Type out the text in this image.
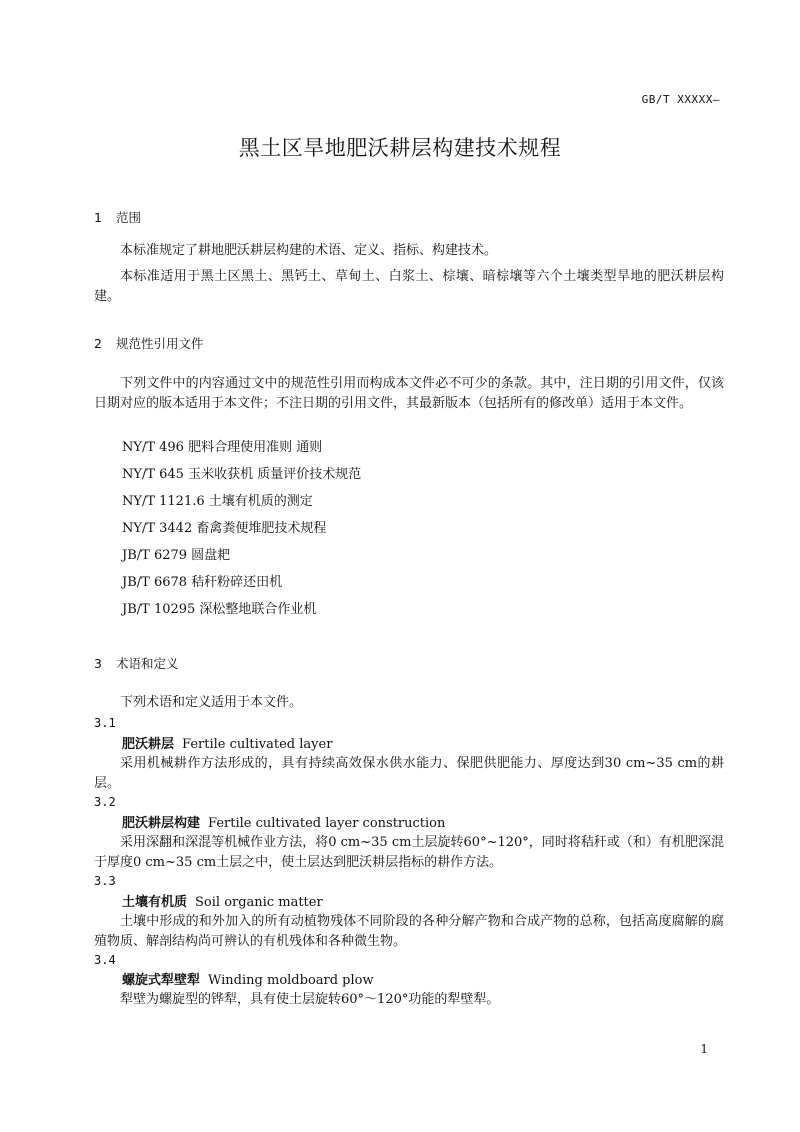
GB/T XXXXX—
黑土区旱地肥沃耕层构建技术规程
1 范围
本标准规定了耕地肥沃耕层构建的术语、定义、指标、构建技术。
本标准适用于黑土区黑土、黑钙土、草甸土、白浆土、棕壤、暗棕壤等六个土壤类型旱地的肥沃耕层构建。
2 规范性引用文件
下列文件中的内容通过文中的规范性引用而构成本文件必不可少的条款。其中，注日期的引用文件，仅该日期对应的版本适用于本文件；不注日期的引用文件，其最新版本（包括所有的修改单）适用于本文件。
NY/T 496 肥料合理使用准则 通则
NY/T 645 玉米收获机 质量评价技术规范
NY/T 1121.6 土壤有机质的测定
NY/T 3442 畜禽粪便堆肥技术规程
JB/T 6279 圆盘耙
JB/T 6678 秸秆粉碎还田机
JB/T 10295 深松整地联合作业机
3 术语和定义
下列术语和定义适用于本文件。
3.1
肥沃耕层 Fertile cultivated layer
采用机械耕作方法形成的，具有持续高效保水供水能力、保肥供肥能力、厚度达到30 cm~35 cm的耕层。
3.2
肥沃耕层构建 Fertile cultivated layer construction
采用深翻和深混等机械作业方法，将0 cm~35 cm土层旋转60°~120°，同时将秸秆或（和）有机肥深混于厚度0 cm~35 cm土层之中，使土层达到肥沃耕层指标的耕作方法。
3.3
土壤有机质 Soil organic matter
土壤中形成的和外加入的所有动植物残体不同阶段的各种分解产物和合成产物的总称，包括高度腐解的腐殖物质、解剖结构尚可辨认的有机残体和各种微生物。
3.4
螺旋式犁壁犁 Winding moldboard plow
犁壁为螺旋型的铧犁，具有使土层旋转60°～120°功能的犁壁犁。
1
